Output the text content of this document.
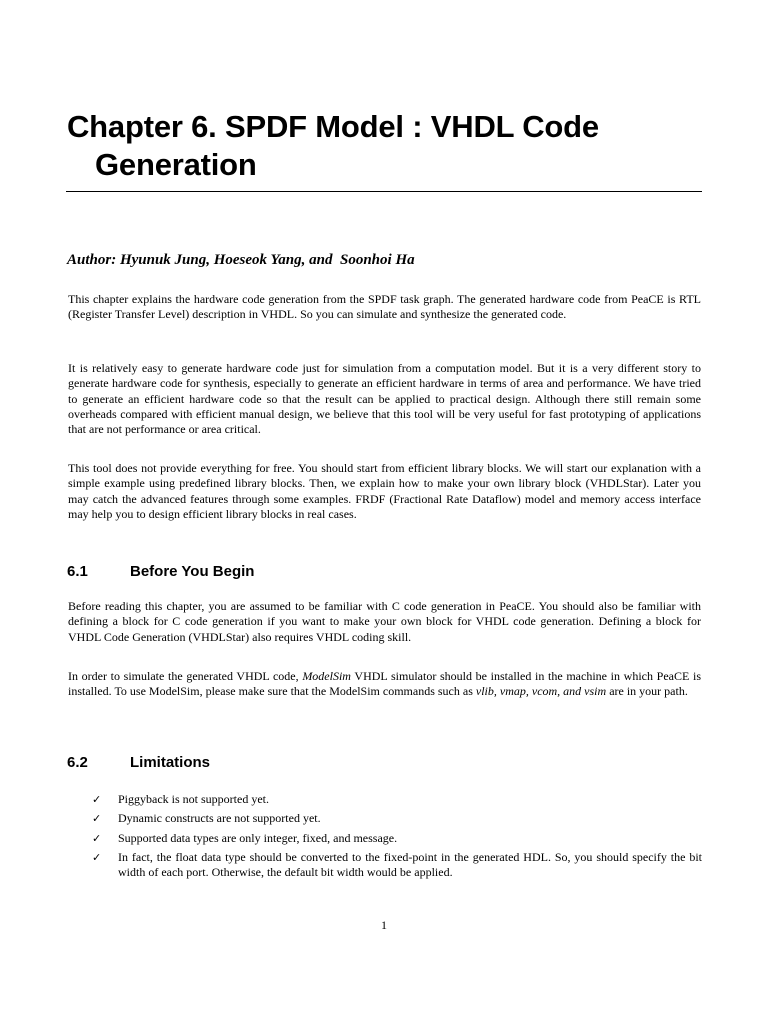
Chapter 6. SPDF Model : VHDL Code Generation

Author: Hyunuk Jung, Hoeseok Yang, and  Soonhoi Ha

This chapter explains the hardware code generation from the SPDF task graph. The generated hardware code from PeaCE is RTL (Register Transfer Level) description in VHDL. So you can simulate and synthesize the generated code.

It is relatively easy to generate hardware code just for simulation from a computation model. But it is a very different story to generate hardware code for synthesis, especially to generate an efficient hardware in terms of area and performance. We have tried to generate an efficient hardware code so that the result can be applied to practical design. Although there still remain some overheads compared with efficient manual design, we believe that this tool will be very useful for fast prototyping of applications that are not performance or area critical.

This tool does not provide everything for free. You should start from efficient library blocks. We will start our explanation with a simple example using predefined library blocks. Then, we explain how to make your own library block (VHDLStar). Later you may catch the advanced features through some examples. FRDF (Fractional Rate Dataflow) model and memory access interface may help you to design efficient library blocks in real cases.

6.1	Before You Begin

Before reading this chapter, you are assumed to be familiar with C code generation in PeaCE. You should also be familiar with defining a block for C code generation if you want to make your own block for VHDL code generation. Defining a block for VHDL Code Generation (VHDLStar) also requires VHDL coding skill.

In order to simulate the generated VHDL code, ModelSim VHDL simulator should be installed in the machine in which PeaCE is installed. To use ModelSim, please make sure that the ModelSim commands such as vlib, vmap, vcom, and vsim are in your path.

6.2	Limitations
✓ Piggyback is not supported yet.
✓ Dynamic constructs are not supported yet.
✓ Supported data types are only integer, fixed, and message.
✓ In fact, the float data type should be converted to the fixed-point in the generated HDL. So, you should specify the bit width of each port. Otherwise, the default bit width would be applied.

1
